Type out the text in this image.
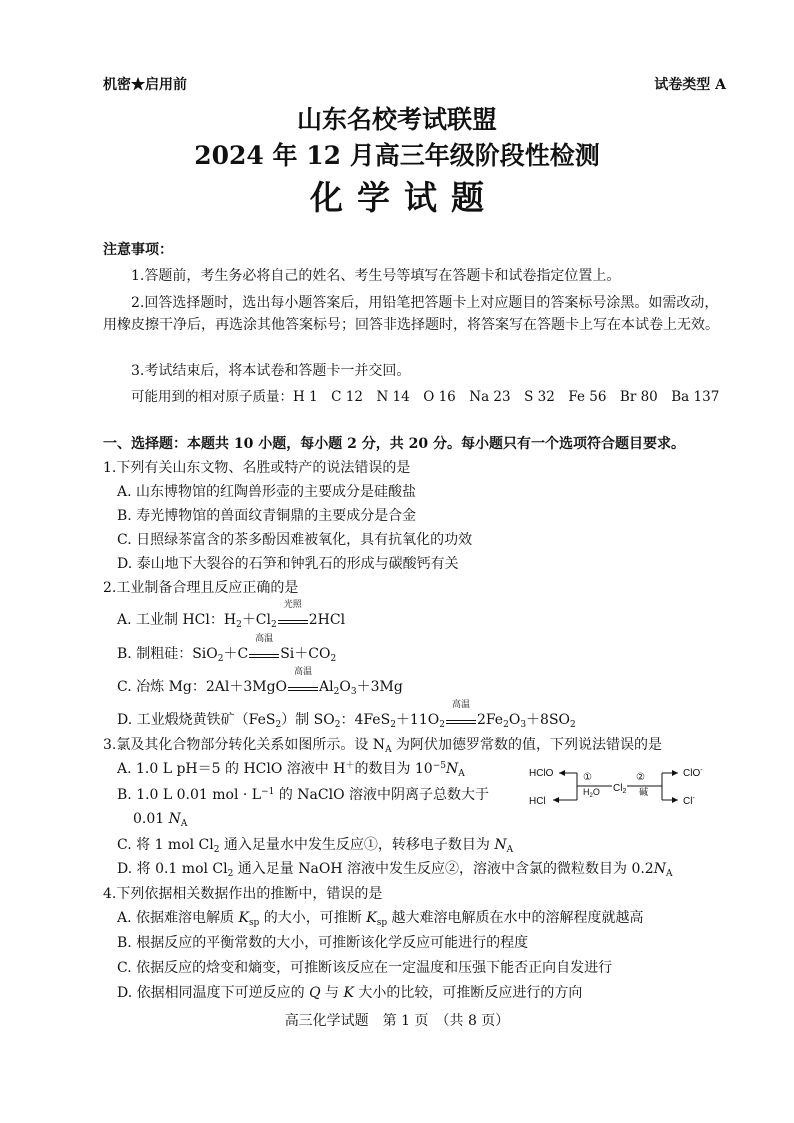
机密★启用前	试卷类型 A
山东名校考试联盟
2024 年 12 月高三年级阶段性检测
化学试题
注意事项：
1.答题前，考生务必将自己的姓名、考生号等填写在答题卡和试卷指定位置上。
2.回答选择题时，选出每小题答案后，用铅笔把答题卡上对应题目的答案标号涂黑。如需改动，用橡皮擦干净后，再选涂其他答案标号；回答非选择题时，将答案写在答题卡上写在本试卷上无效。
3.考试结束后，将本试卷和答题卡一并交回。
可能用到的相对原子质量：H 1　C 12　N 14　O 16　Na 23　S 32　Fe 56　Br 80　Ba 137
一、选择题：本题共 10 小题，每小题 2 分，共 20 分。每小题只有一个选项符合题目要求。
1.下列有关山东文物、名胜或特产的说法错误的是
A. 山东博物馆的红陶兽形壶的主要成分是硅酸盐
B. 寿光博物馆的兽面纹青铜鼎的主要成分是合金
C. 日照绿茶富含的茶多酚因难被氧化，具有抗氧化的功效
D. 泰山地下大裂谷的石笋和钟乳石的形成与碳酸钙有关
2.工业制备合理且反应正确的是
A. 工业制 HCl：$H_2+Cl_2$
光照
2HCl
B. 制粗硅：SiO$_2$＋C
高温
$Si+CO_2$
C. 冶炼 Mg：2Al＋3MgO
高温
$Al_2O_3+3Mg$
D. 工业煅烧黄铁矿（FeS$_2$）制 $SO_2$：$4FeS_2+11O_2$
高温
$2Fe_2O_3+8SO_2$
3.氯及其化合物部分转化关系如图所示。设 $N_A$ 为阿伏加德罗常数的值，下列说法错误的是
A. 1.0 L pH＝5 的 HClO 溶液中 H＋的数目为 $10^{-5}N_A$
B. 1.0 L 0.01 mol · $L^{-1}$ 的 NaClO 溶液中阴离子总数大于
0.01 $N_A$
C. 将 1 mol $Cl_2$ 通入足量水中发生反应①，转移电子数目为 $N_A$
D. 将 0.1 mol $Cl_2$ 通入足量 NaOH 溶液中发生反应②，溶液中含氯的微粒数目为 $0.2N_A$
HClO
HCl
$Cl_2$
①
$H_2O$
②
碱
ClO-
Cl-
4.下列依据相关数据作出的推断中，错误的是
A. 依据难溶电解质 $K_{sp}$ 的大小，可推断 $K_{sp}$ 越大难溶电解质在水中的溶解程度就越高
B. 根据反应的平衡常数的大小，可推断该化学反应可能进行的程度
C. 依据反应的焓变和熵变，可推断该反应在一定温度和压强下能否正向自发进行
D. 依据相同温度下可逆反应的 Q 与 K 大小的比较，可推断反应进行的方向
高三化学试题　第 1 页　（共 8 页）
